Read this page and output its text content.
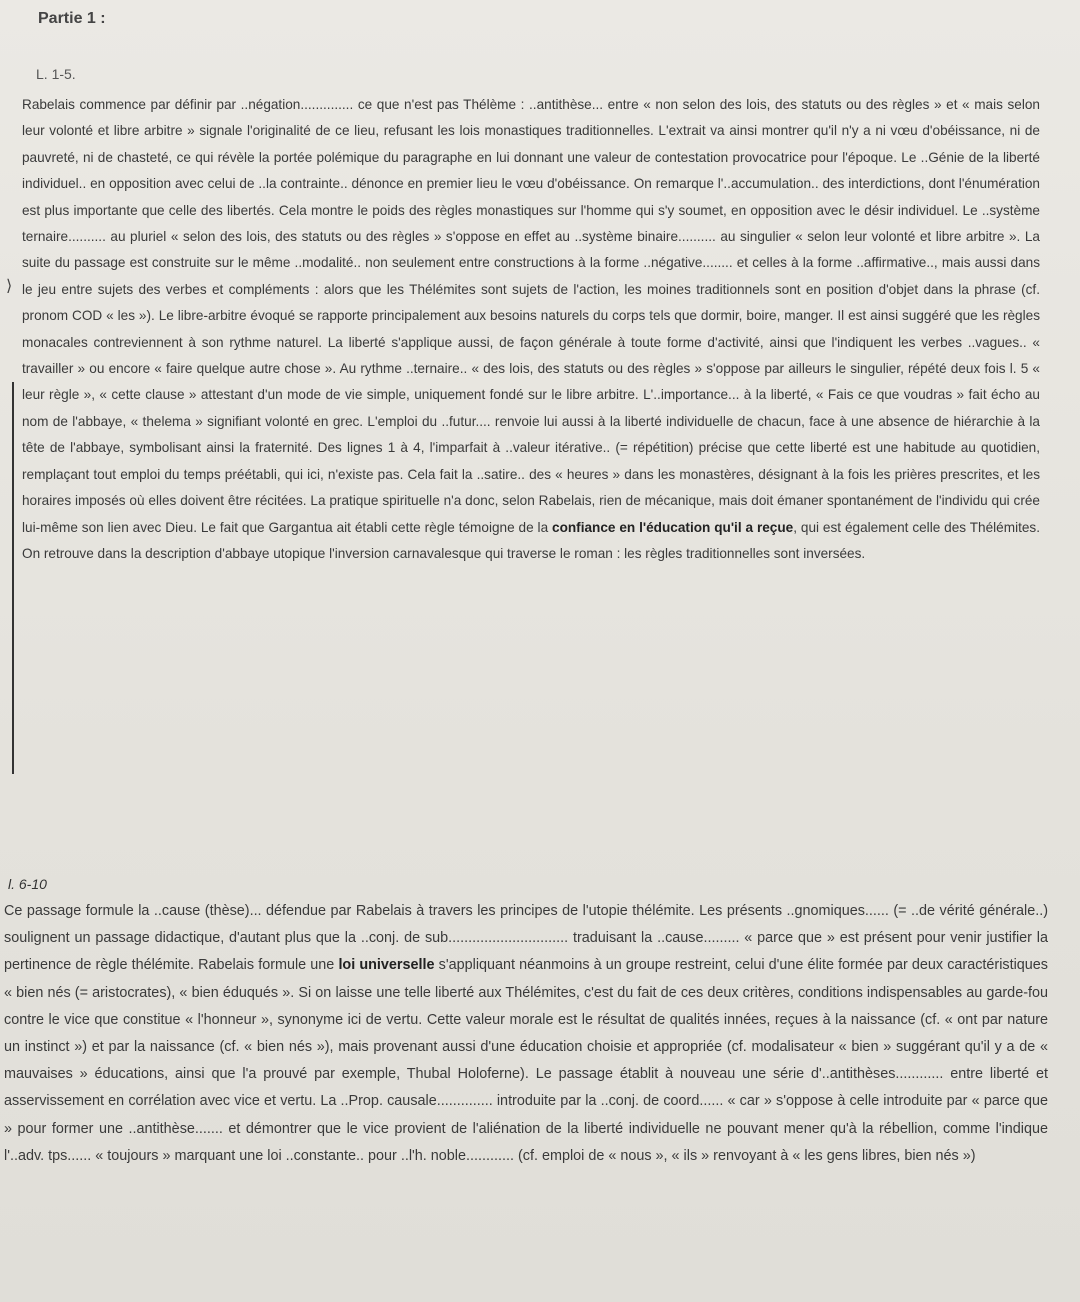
Partie 1 :
L. 1-5.
⟩

Rabelais commence par définir par ..négation.............. ce que n'est pas Thélème : ..antithèse... entre « non selon des lois, des statuts ou des règles » et « mais selon leur volonté et libre arbitre » signale l'originalité de ce lieu, refusant les lois monastiques traditionnelles. L'extrait va ainsi montrer qu'il n'y a ni vœu d'obéissance, ni de pauvreté, ni de chasteté, ce qui révèle la portée polémique du paragraphe en lui donnant une valeur de contestation provocatrice pour l'époque. Le ..Génie de la liberté individuel.. en opposition avec celui de ..la contrainte.. dénonce en premier lieu le vœu d'obéissance. On remarque l'..accumulation.. des interdictions, dont l'énumération est plus importante que celle des libertés. Cela montre le poids des règles monastiques sur l'homme qui s'y soumet, en opposition avec le désir individuel. Le ..système ternaire.......... au pluriel « selon des lois, des statuts ou des règles » s'oppose en effet au ..système binaire.......... au singulier « selon leur volonté et libre arbitre ». La suite du passage est construite sur le même ..modalité.. non seulement entre constructions à la forme ..négative........ et celles à la forme ..affirmative.., mais aussi dans le jeu entre sujets des verbes et compléments : alors que les Thélémites sont sujets de l'action, les moines traditionnels sont en position d'objet dans la phrase (cf. pronom COD « les »). Le libre-arbitre évoqué se rapporte principalement aux besoins naturels du corps tels que dormir, boire, manger. Il est ainsi suggéré que les règles monacales contreviennent à son rythme naturel. La liberté s'applique aussi, de façon générale à toute forme d'activité, ainsi que l'indiquent les verbes ..vagues.. « travailler » ou encore « faire quelque autre chose ». Au rythme ..ternaire.. « des lois, des statuts ou des règles » s'oppose par ailleurs le singulier, répété deux fois l. 5 « leur règle », « cette clause » attestant d'un mode de vie simple, uniquement fondé sur le libre arbitre. L'..importance... à la liberté, « Fais ce que voudras » fait écho au nom de l'abbaye, « thelema » signifiant volonté en grec. L'emploi du ..futur.... renvoie lui aussi à la liberté individuelle de chacun, face à une absence de hiérarchie à la tête de l'abbaye, symbolisant ainsi la fraternité. Des lignes 1 à 4, l'imparfait à ..valeur itérative.. (= répétition) précise que cette liberté est une habitude au quotidien, remplaçant tout emploi du temps préétabli, qui ici, n'existe pas. Cela fait la ..satire.. des « heures » dans les monastères, désignant à la fois les prières prescrites, et les horaires imposés où elles doivent être récitées. La pratique spirituelle n'a donc, selon Rabelais, rien de mécanique, mais doit émaner spontanément de l'individu qui crée lui-même son lien avec Dieu. Le fait que Gargantua ait établi cette règle témoigne de la confiance en l'éducation qu'il a reçue, qui est également celle des Thélémites. On retrouve dans la description d'abbaye utopique l'inversion carnavalesque qui traverse le roman : les règles traditionnelles sont inversées.

l. 6-10

Ce passage formule la ..cause (thèse)... défendue par Rabelais à travers les principes de l'utopie thélémite. Les présents ..gnomiques...... (= ..de vérité générale..) soulignent un passage didactique, d'autant plus que la ..conj. de sub.............................. traduisant la ..cause......... « parce que » est présent pour venir justifier la pertinence de règle thélémite. Rabelais formule une loi universelle s'appliquant néanmoins à un groupe restreint, celui d'une élite formée par deux caractéristiques « bien nés (= aristocrates), « bien éduqués ». Si on laisse une telle liberté aux Thélémites, c'est du fait de ces deux critères, conditions indispensables au garde-fou contre le vice que constitue « l'honneur », synonyme ici de vertu. Cette valeur morale est le résultat de qualités innées, reçues à la naissance (cf. « ont par nature un instinct ») et par la naissance (cf. « bien nés »), mais provenant aussi d'une éducation choisie et appropriée (cf. modalisateur « bien » suggérant qu'il y a de « mauvaises » éducations, ainsi que l'a prouvé par exemple, Thubal Holoferne). Le passage établit à nouveau une série d'..antithèses............ entre liberté et asservissement en corrélation avec vice et vertu. La ..Prop. causale.............. introduite par la ..conj. de coord...... « car » s'oppose à celle introduite par « parce que » pour former une ..antithèse....... et démontrer que le vice provient de l'aliénation de la liberté individuelle ne pouvant mener qu'à la rébellion, comme l'indique l'..adv. tps...... « toujours » marquant une loi ..constante.. pour ..l'h. noble............ (cf. emploi de « nous », « ils » renvoyant à « les gens libres, bien nés »)
